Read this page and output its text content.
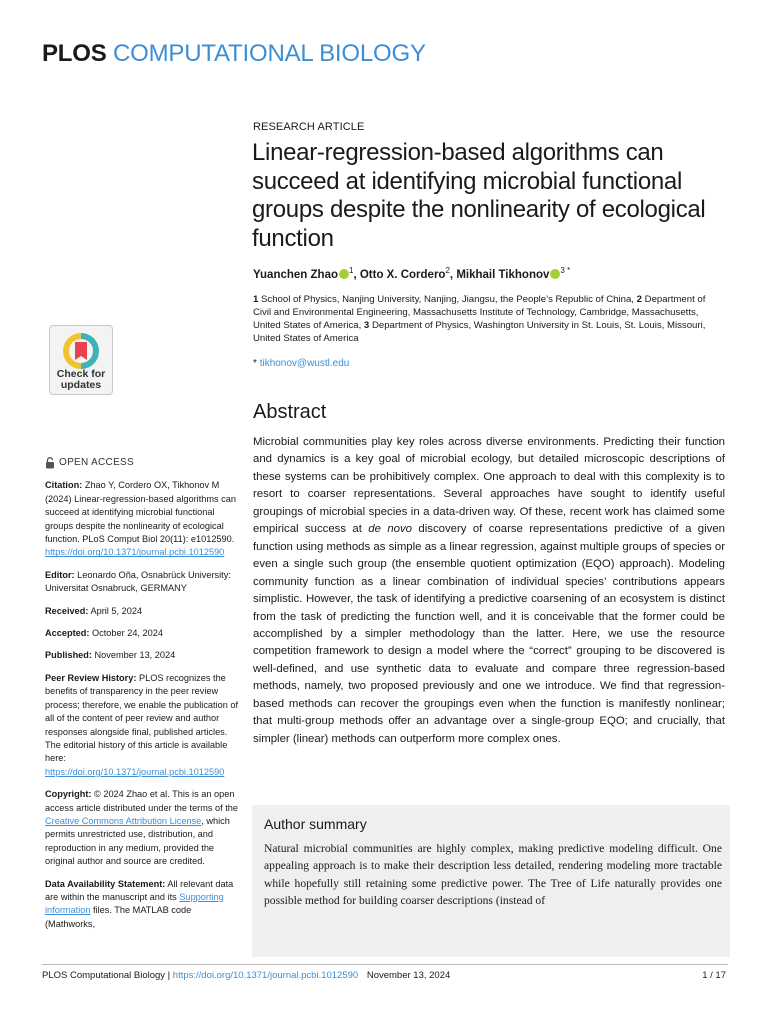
PLOS COMPUTATIONAL BIOLOGY
RESEARCH ARTICLE
Linear-regression-based algorithms can succeed at identifying microbial functional groups despite the nonlinearity of ecological function
Yuanchen Zhao $^1$, Otto X. Cordero$^2$, Mikhail Tikhonov $^{3 *}$
1 School of Physics, Nanjing University, Nanjing, Jiangsu, the People’s Republic of China, 2 Department of Civil and Environmental Engineering, Massachusetts Institute of Technology, Cambridge, Massachusetts, United States of America, 3 Department of Physics, Washington University in St. Louis, St. Louis, Missouri, United States of America
* tikhonov@wustl.edu
Check for
updates
Abstract

Microbial communities play key roles across diverse environments. Predicting their function and dynamics is a key goal of microbial ecology, but detailed microscopic descriptions of these systems can be prohibitively complex. One approach to deal with this complexity is to resort to coarser representations. Several approaches have sought to identify useful groupings of microbial species in a data-driven way. Of these, recent work has claimed some empirical success at de novo discovery of coarse representations predictive of a given function using methods as simple as a linear regression, against multiple groups of species or even a single such group (the ensemble quotient optimization (EQO) approach). Modeling community function as a linear combination of individual species’ contributions appears simplistic. However, the task of identifying a predictive coarsening of an ecosystem is distinct from the task of predicting the function well, and it is conceivable that the former could be accomplished by a simpler methodology than the latter. Here, we use the resource competition framework to design a model where the “correct” grouping to be discovered is well-defined, and use synthetic data to evaluate and compare three regression-based methods, namely, two proposed previously and one we introduce. We find that regression-based methods can recover the groupings even when the function is manifestly nonlinear; that multi-group methods offer an advantage over a single-group EQO; and crucially, that simpler (linear) methods can outperform more complex ones.

OPEN ACCESS

Citation: Zhao Y, Cordero OX, Tikhonov M (2024) Linear-regression-based algorithms can succeed at identifying microbial functional groups despite the nonlinearity of ecological function. PLoS Comput Biol 20(11): e1012590. https://doi.org/10.1371/journal.pcbi.1012590

Editor: Leonardo Oña, Osnabrück University: Universitat Osnabruck, GERMANY

Received: April 5, 2024

Accepted: October 24, 2024

Published: November 13, 2024

Peer Review History: PLOS recognizes the benefits of transparency in the peer review process; therefore, we enable the publication of all of the content of peer review and author responses alongside final, published articles. The editorial history of this article is available here: https://doi.org/10.1371/journal.pcbi.1012590

Copyright: © 2024 Zhao et al. This is an open access article distributed under the terms of the Creative Commons Attribution License, which permits unrestricted use, distribution, and reproduction in any medium, provided the original author and source are credited.

Data Availability Statement: All relevant data are within the manuscript and its Supporting information files. The MATLAB code (Mathworks,

Author summary

Natural microbial communities are highly complex, making predictive modeling difficult. One appealing approach is to make their description less detailed, rendering modeling more tractable while hopefully still retaining some predictive power. The Tree of Life naturally provides one possible method for building coarser descriptions (instead of

PLOS Computational Biology | https://doi.org/10.1371/journal.pcbi.1012590 November 13, 2024	1 / 17
